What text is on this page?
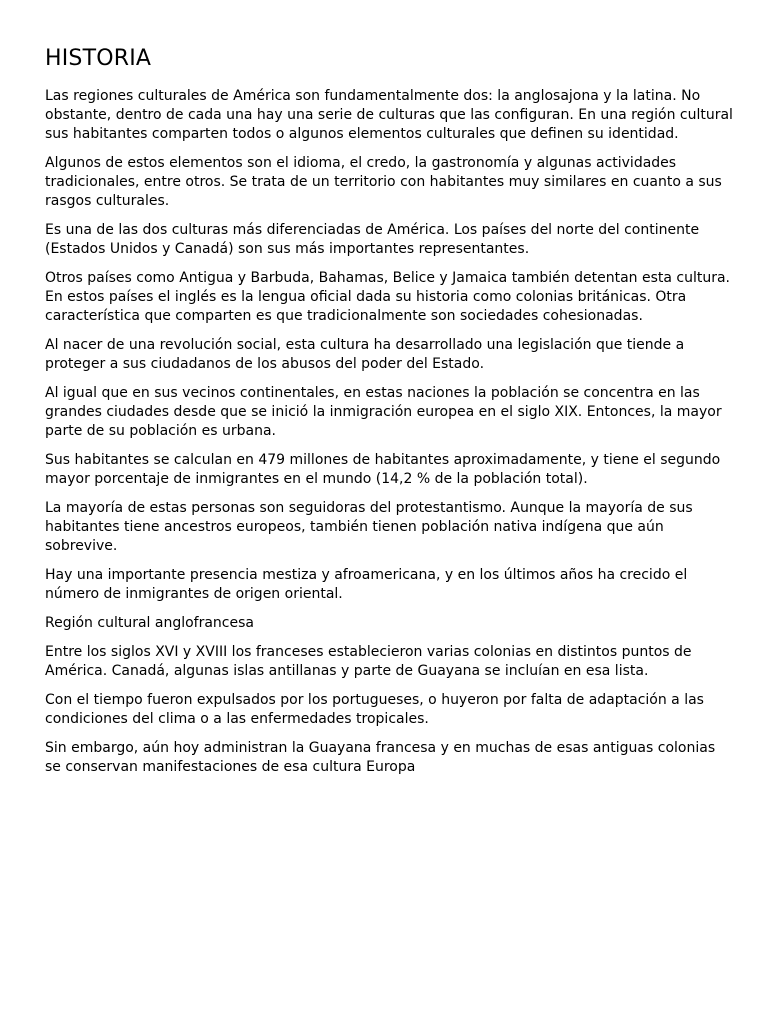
HISTORIA

Las regiones culturales de América son fundamentalmente dos: la anglosajona y la latina. No obstante, dentro de cada una hay una serie de culturas que las configuran. En una región cultural sus habitantes comparten todos o algunos elementos culturales que definen su identidad.

Algunos de estos elementos son el idioma, el credo, la gastronomía y algunas actividades tradicionales, entre otros. Se trata de un territorio con habitantes muy similares en cuanto a sus rasgos culturales.

Es una de las dos culturas más diferenciadas de América. Los países del norte del continente (Estados Unidos y Canadá) son sus más importantes representantes.

Otros países como Antigua y Barbuda, Bahamas, Belice y Jamaica también detentan esta cultura. En estos países el inglés es la lengua oficial dada su historia como colonias británicas. Otra característica que comparten es que tradicionalmente son sociedades cohesionadas.

Al nacer de una revolución social, esta cultura ha desarrollado una legislación que tiende a proteger a sus ciudadanos de los abusos del poder del Estado.

Al igual que en sus vecinos continentales, en estas naciones la población se concentra en las grandes ciudades desde que se inició la inmigración europea en el siglo XIX. Entonces, la mayor parte de su población es urbana.

Sus habitantes se calculan en 479 millones de habitantes aproximadamente, y tiene el segundo mayor porcentaje de inmigrantes en el mundo (14,2 % de la población total).

La mayoría de estas personas son seguidoras del protestantismo. Aunque la mayoría de sus habitantes tiene ancestros europeos, también tienen población nativa indígena que aún sobrevive.

Hay una importante presencia mestiza y afroamericana, y en los últimos años ha crecido el número de inmigrantes de origen oriental.

Región cultural anglofrancesa

Entre los siglos XVI y XVIII los franceses establecieron varias colonias en distintos puntos de América. Canadá, algunas islas antillanas y parte de Guayana se incluían en esa lista.

Con el tiempo fueron expulsados por los portugueses, o huyeron por falta de adaptación a las condiciones del clima o a las enfermedades tropicales.

Sin embargo, aún hoy administran la Guayana francesa y en muchas de esas antiguas colonias se conservan manifestaciones de esa cultura Europa
